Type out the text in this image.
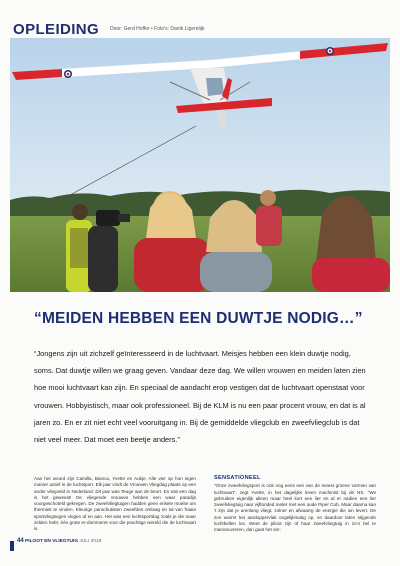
OPLEIDING Door: Gerd Hoffer • Foto's: Danik Ligerelijk
“MEIDEN HEBBEN EEN DUWTJE NODIG…”

“Jongens zijn uit zichzelf geïnteresseerd in de luchtvaart. Meisjes hebben een klein duwtje nodig, soms. Dat duwtje willen we graag geven. Vandaar deze dag. We willen vrouwen en meiden laten zien hoe mooi luchtvaart kan zijn. En speciaal de aandacht erop vestigen dat de luchtvaart openstaat voor vrouwen. Hobbyistisch, maar ook professioneel. Bij de KLM is nu een paar procent vrouw, en dat is al jaren zo. En er zit niet echt veel vooruitgang in. Bij de gemiddelde vliegclub en zweefvliegclub is dat niet veel meer. Dat moet een beetje anders.”

Aan het woord zijn Camilla, Bianca, Yvette en Aukje. Alle vier op hun eigen manier actief in de luchtsport. Elk jaar vindt de Vrouwen Vliegdag plaats op een ander vliegveld in Nederland. Dit jaar was Teuge aan de beurt. En wat een dag is het geweest! De vliegende vrouwen hebben een waar paradijs voorgeschoteld gekregen. De zweefvliegtuigen hadden geen enkele moeite om thermiek te vinden. Kleurige parachutisten zweefden omlaag en tal van fraaie sportvliegtuigen vlogen af en aan. Het was een luchtsportdag zoals je die maar zelden hebt, één grote er-dommeret voor die prachtige wereld die de luchtvaart is.

SENSATIONEEL
“Onze zweefvliegsport is ook nog eens een van de meest groene vormen van luchtvaart”, zegt Yvette, in het dagelijks leven machinist bij de NS. “We gebruiken eigenlijk alleen maar heel kort een lier en al er nadien een lier zweefvliegtuig naar vijftonded meter met een oude Piper Cub. Maar daarna kan ’t zijn dat je urenlang vliegt, zolner en afwaarrg de energie die ion levert. De zon warmt het aardoppervlak ongelijkmatig op, en daardoor laten stijgende luchtbellen los. Weet de piloot zijn of haar zweefvliegtuig in zo’n bel te manoeuvreren, dan gaat het om-
44 PILOOT EN VLIEGTUIG JULI 2018
